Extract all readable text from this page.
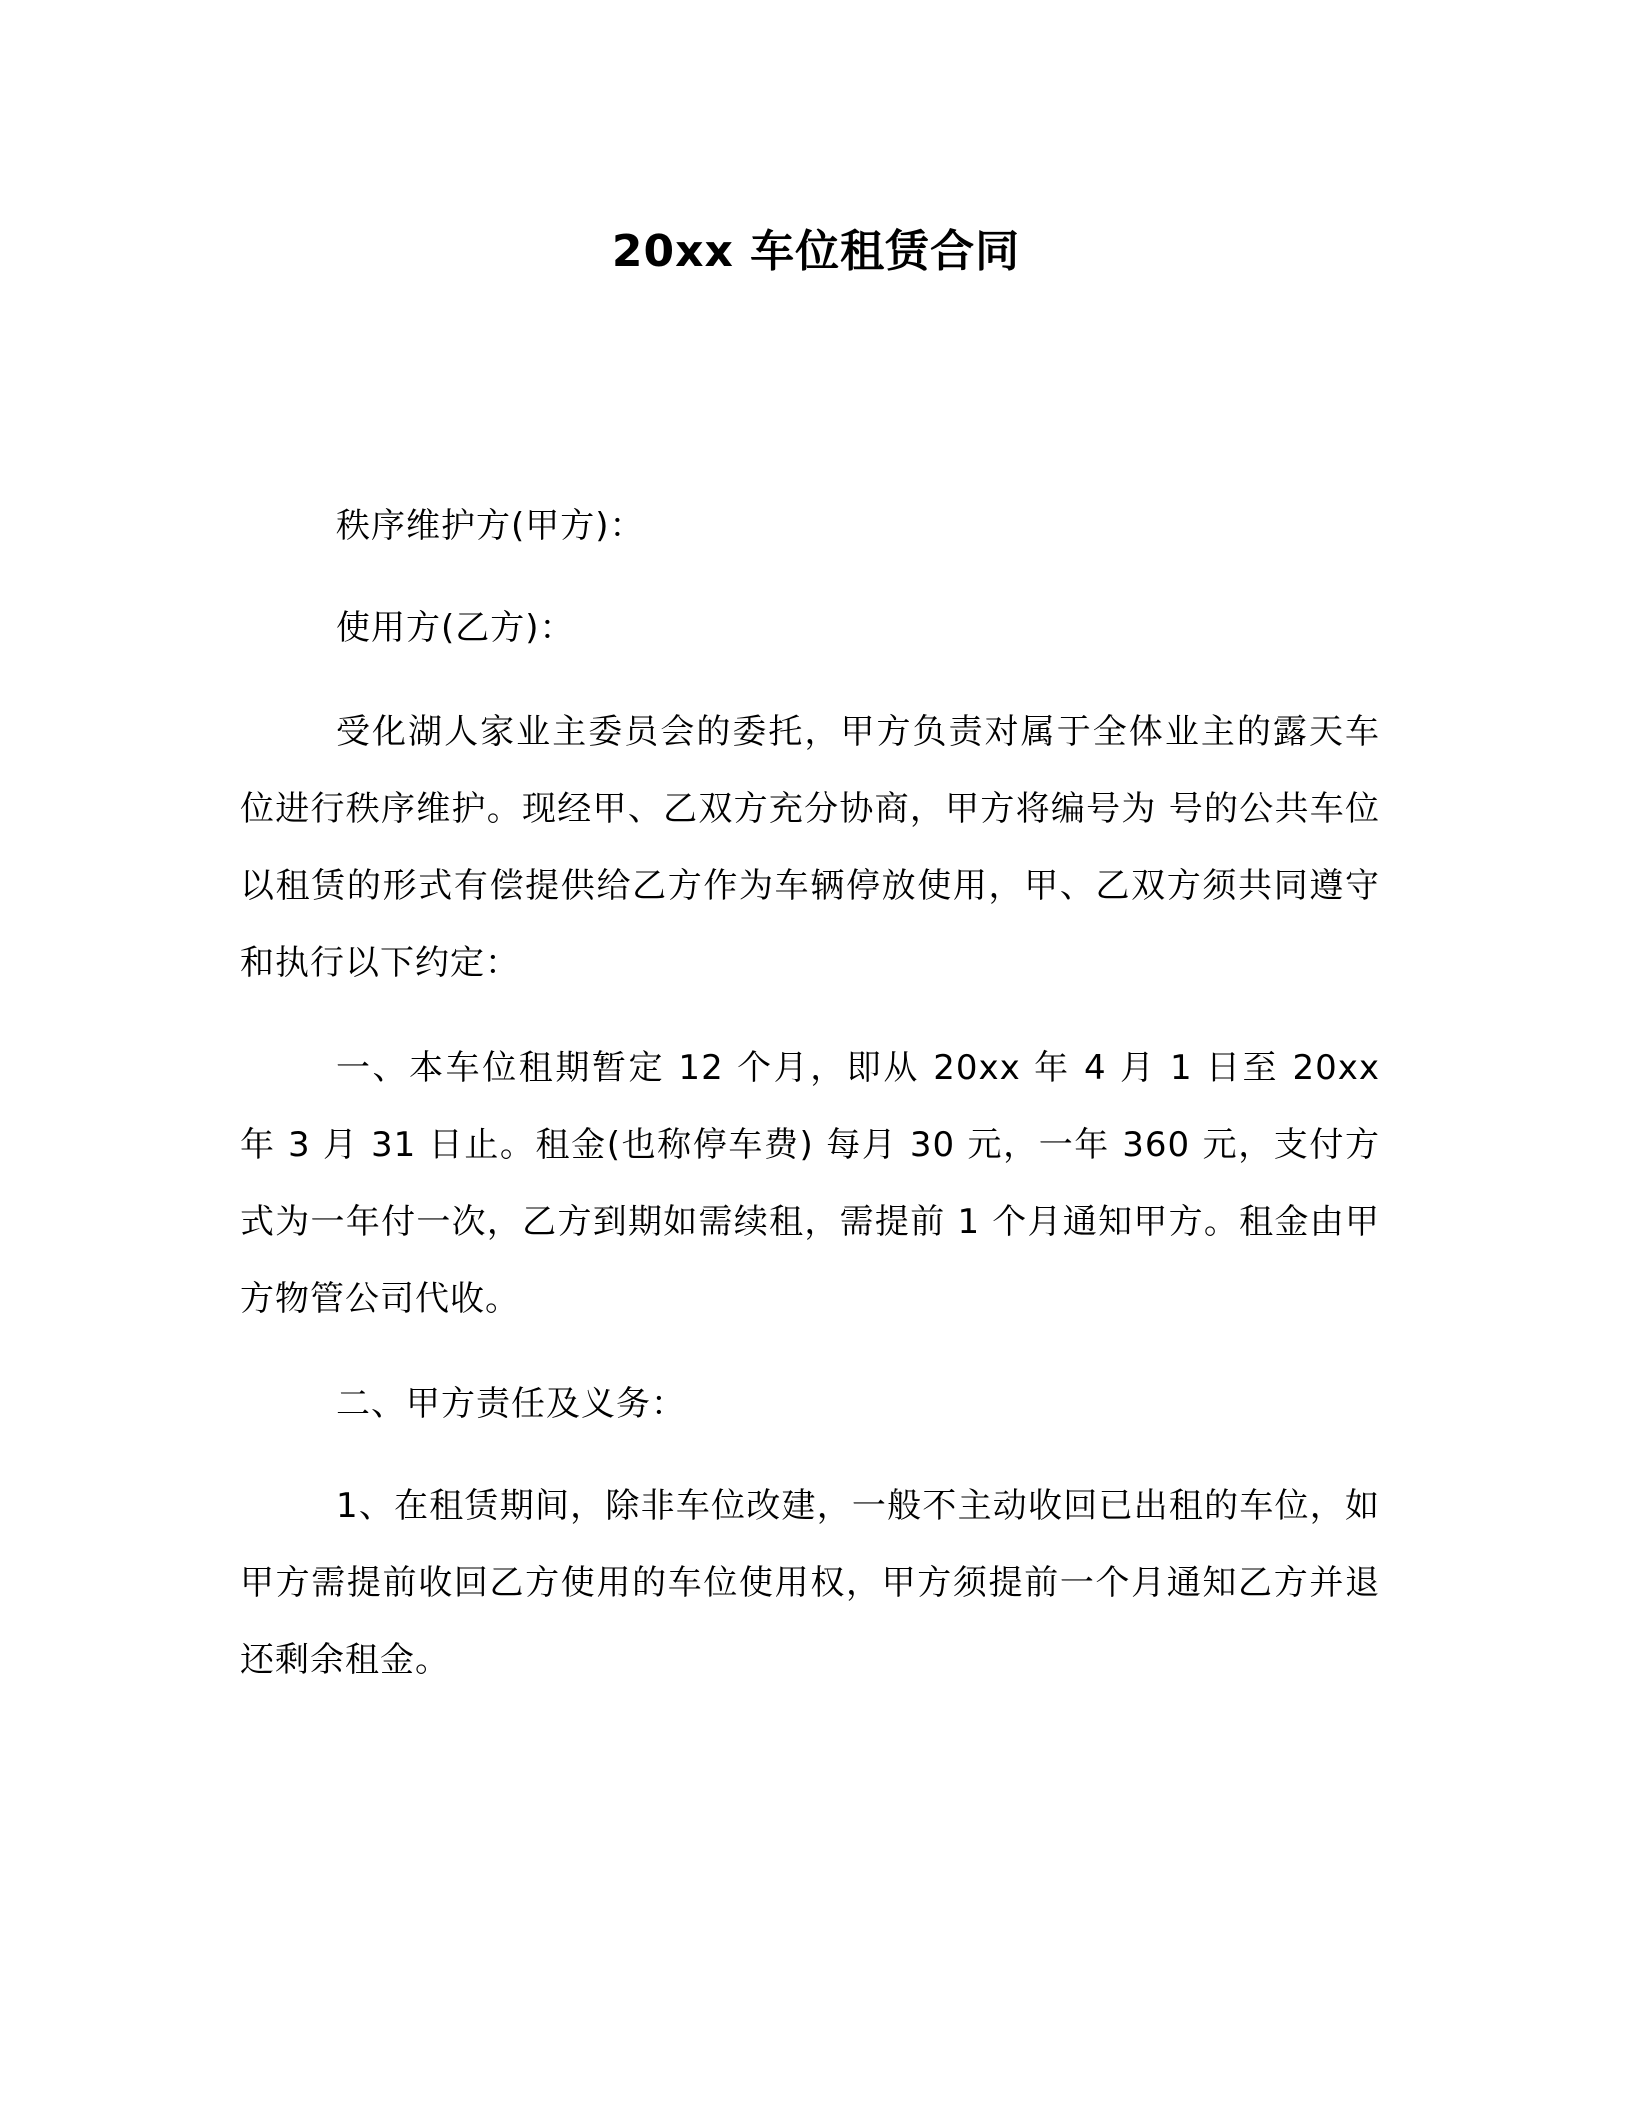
20xx 车位租赁合同

秩序维护方(甲方)：

使用方(乙方)：

受化湖人家业主委员会的委托，甲方负责对属于全体业主的露天车位进行秩序维护。现经甲、乙双方充分协商，甲方将编号为 号的公共车位以租赁的形式有偿提供给乙方作为车辆停放使用，甲、乙双方须共同遵守和执行以下约定：

一、本车位租期暂定 12 个月，即从 20xx 年 4 月 1 日至 20xx 年 3 月 31 日止。租金(也称停车费) 每月 30 元，一年 360 元，支付方式为一年付一次，乙方到期如需续租，需提前 1 个月通知甲方。租金由甲方物管公司代收。

二、甲方责任及义务：

1、在租赁期间，除非车位改建，一般不主动收回已出租的车位，如甲方需提前收回乙方使用的车位使用权，甲方须提前一个月通知乙方并退还剩余租金。
